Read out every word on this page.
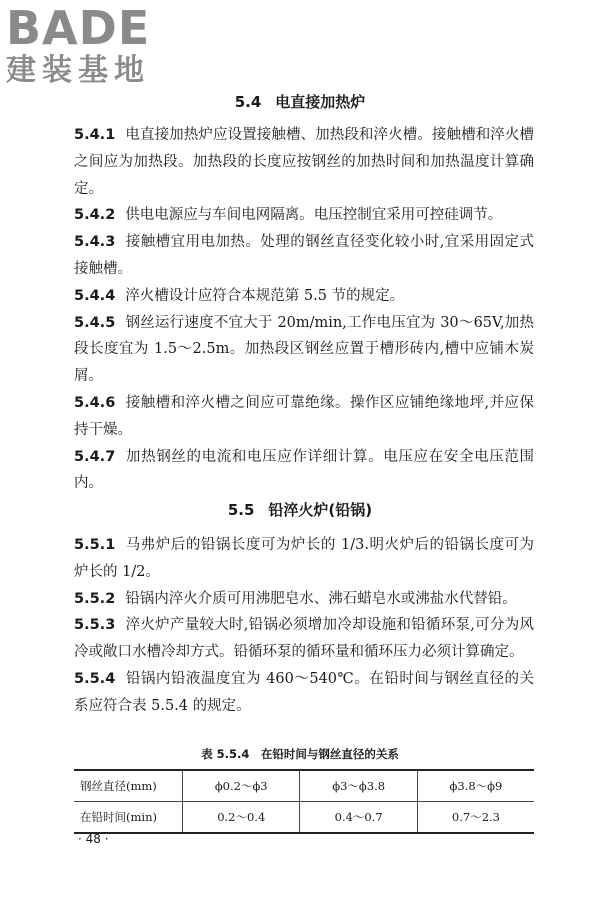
BADE
建装基地
5.4 电直接加热炉
5.4.1 电直接加热炉应设置接触槽、加热段和淬火槽。接触槽和淬火槽之间应为加热段。加热段的长度应按钢丝的加热时间和加热温度计算确定。
5.4.2 供电电源应与车间电网隔离。电压控制宜采用可控硅调节。
5.4.3 接触槽宜用电加热。处理的钢丝直径变化较小时,宜采用固定式接触槽。
5.4.4 淬火槽设计应符合本规范第 5.5 节的规定。
5.4.5 钢丝运行速度不宜大于 20m/min,工作电压宜为 30～65V,加热段长度宜为 1.5～2.5m。加热段区钢丝应置于槽形砖内,槽中应铺木炭屑。
5.4.6 接触槽和淬火槽之间应可靠绝缘。操作区应铺绝缘地坪,并应保持干燥。
5.4.7 加热钢丝的电流和电压应作详细计算。电压应在安全电压范围内。
5.5 铅淬火炉(铅锅)
5.5.1 马弗炉后的铅锅长度可为炉长的 1/3.明火炉后的铅锅长度可为炉长的 1/2。
5.5.2 铅锅内淬火介质可用沸肥皂水、沸石蜡皂水或沸盐水代替铅。
5.5.3 淬火炉产量较大时,铅锅必须增加冷却设施和铅循环泵,可分为风冷或敞口水槽冷却方式。铅循环泵的循环量和循环压力必须计算确定。
5.5.4 铅锅内铅液温度宜为 460～540℃。在铅时间与钢丝直径的关系应符合表 5.5.4 的规定。
表 5.5.4　在铅时间与钢丝直径的关系
钢丝直径(mm)	ϕ0.2～ϕ3	ϕ3～ϕ3.8	ϕ3.8～ϕ9
在铅时间(min)	0.2～0.4	0.4～0.7	0.7～2.3
· 48 ·
